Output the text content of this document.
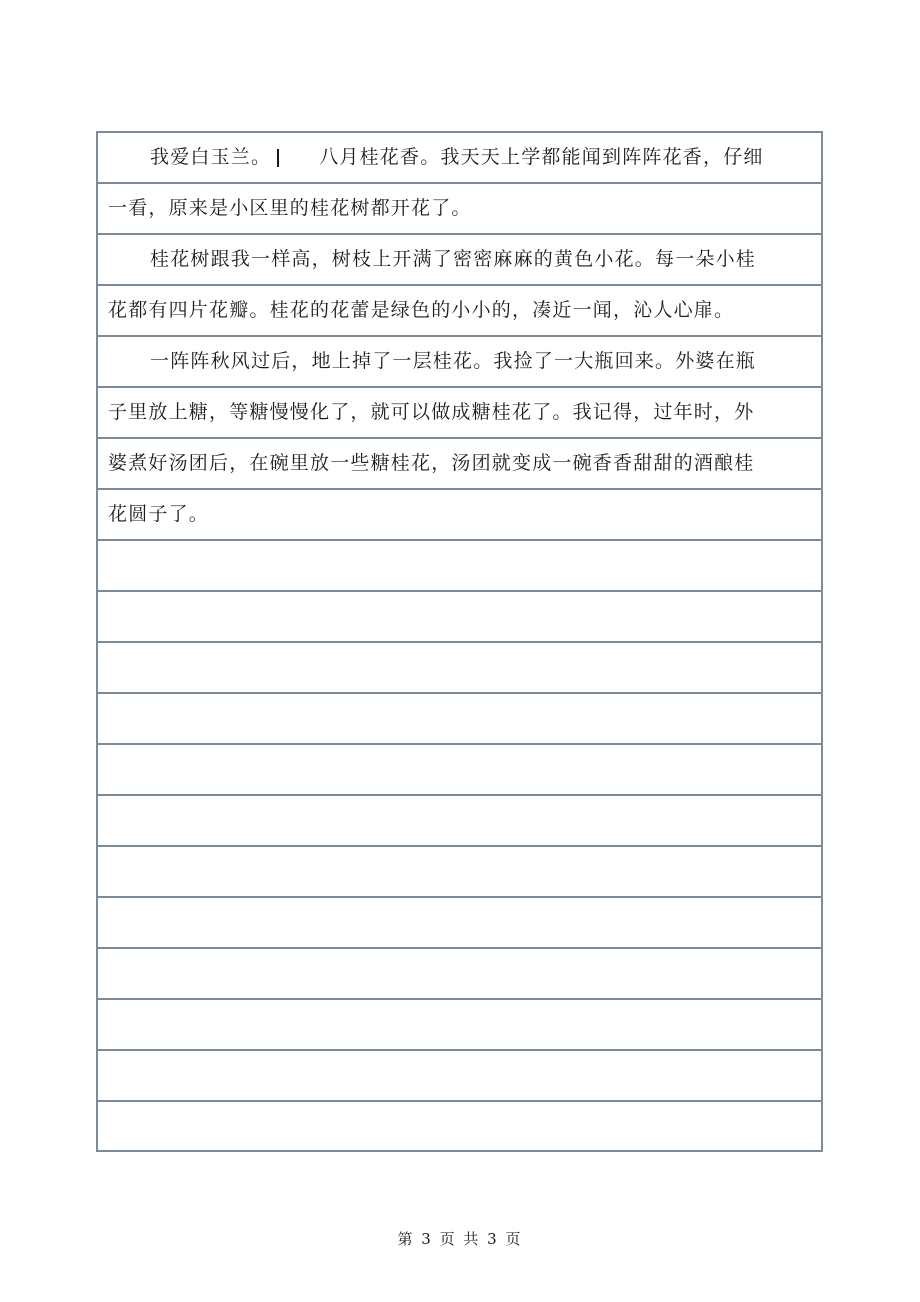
我爱白玉兰。	八月桂花香。我天天上学都能闻到阵阵花香，仔细
一看，原来是小区里的桂花树都开花了。
桂花树跟我一样高，树枝上开满了密密麻麻的黄色小花。每一朵小桂
花都有四片花瓣。桂花的花蕾是绿色的小小的，凑近一闻，沁人心扉。
一阵阵秋风过后，地上掉了一层桂花。我捡了一大瓶回来。外婆在瓶
子里放上糖，等糖慢慢化了，就可以做成糖桂花了。我记得，过年时，外
婆煮好汤团后，在碗里放一些糖桂花，汤团就变成一碗香香甜甜的酒酿桂
花圆子了。
第 3 页 共 3 页
